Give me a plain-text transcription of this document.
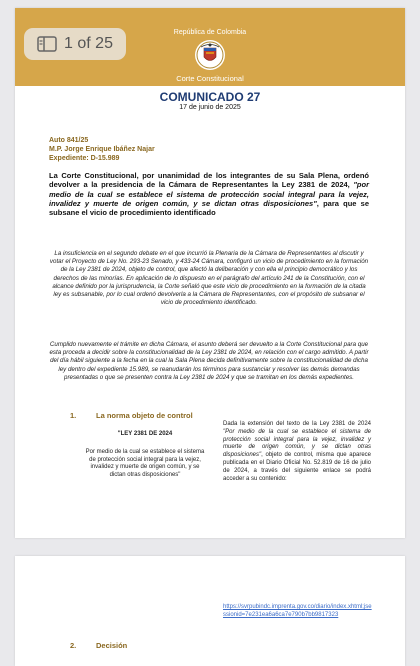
República de Colombia
Corte Constitucional
COMUNICADO 27
17 de junio de 2025
Auto 841/25
M.P. Jorge Enrique Ibáñez Najar
Expediente: D-15.989

La Corte Constitucional, por unanimidad de los integrantes de su Sala Plena, ordenó devolver a la presidencia de la Cámara de Representantes la Ley 2381 de 2024, "por medio de la cual se establece el sistema de protección social integral para la vejez, invalidez y muerte de origen común, y se dictan otras disposiciones", para que se subsane el vicio de procedimiento identificado

La insuficiencia en el segundo debate en el que incurrió la Plenaria de la Cámara de Representantes al discutir y votar el Proyecto de Ley No. 293-23 Senado, y 433-24 Cámara, configuró un vicio de procedimiento en la formación de la Ley 2381 de 2024, objeto de control, que afectó la deliberación y con ella el principio democrático y los derechos de las minorías. En aplicación de lo dispuesto en el parágrafo del artículo 241 de la Constitución, con el alcance definido por la jurisprudencia, la Corte señaló que este vicio de procedimiento en la formación de la citada ley es subsanable, por lo cual ordenó devolverla a la Cámara de Representantes, con el propósito de subsanar el vicio de procedimiento identificado.

Cumplido nuevamente el trámite en dicha Cámara, el asunto deberá ser devuelto a la Corte Constitucional para que esta proceda a decidir sobre la constitucionalidad de la Ley 2381 de 2024, en relación con el cargo admitido. A partir del día hábil siguiente a la fecha en la cual la Sala Plena decida definitivamente sobre la constitucionalidad de dicha ley dentro del expediente 15.989, se reanudarán los términos para sustanciar y resolver las demás demandas presentadas o que se presenten contra la Ley 2381 de 2024 y que se tramitan en los demás expedientes.

1.	La norma objeto de control
"LEY 2381 DE 2024
Por medio de la cual se establece el sistema de protección social integral para la vejez, invalidez y muerte de origen común, y se dictan otras disposiciones"
Dada la extensión del texto de la Ley 2381 de 2024 "Por medio de la cual se establece el sistema de protección social integral para la vejez, invalidez y muerte de origen común, y se dictan otras disposiciones", objeto de control, misma que aparece publicada en el Diario Oficial No. 52.819 de 16 de julio de 2024, a través del siguiente enlace se podrá acceder a su contenido:
https://svrpubindc.imprenta.gov.co/diario/index.xhtml;jsessionid=7e231ea6a6ca7e790b7bb9817323
2.	Decisión
1 of 25
